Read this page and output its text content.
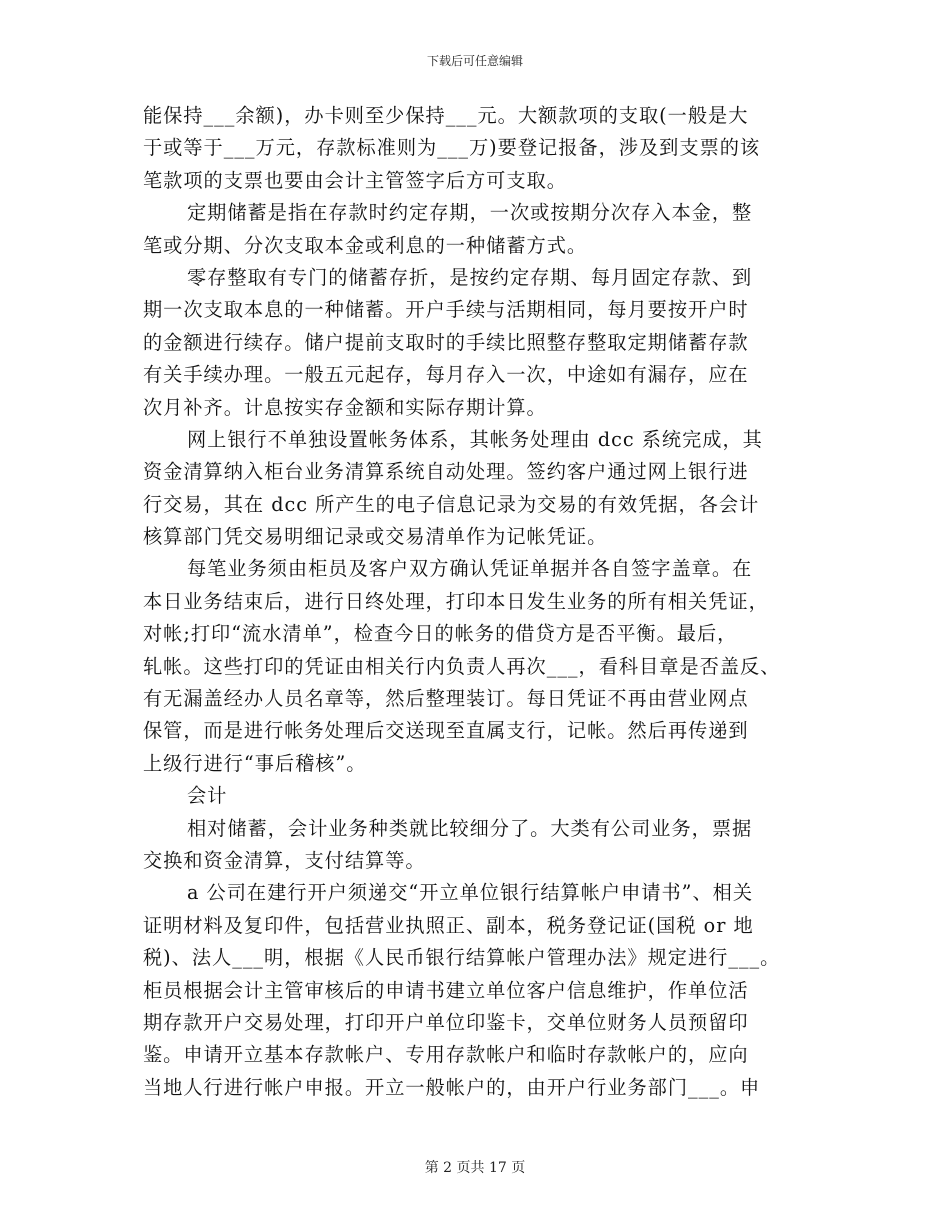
下载后可任意编辑
能保持___余额)，办卡则至少保持___元。大额款项的支取(一般是大
于或等于___万元，存款标准则为___万)要登记报备，涉及到支票的该
笔款项的支票也要由会计主管签字后方可支取。
定期储蓄是指在存款时约定存期，一次或按期分次存入本金，整
笔或分期、分次支取本金或利息的一种储蓄方式。
零存整取有专门的储蓄存折，是按约定存期、每月固定存款、到
期一次支取本息的一种储蓄。开户手续与活期相同，每月要按开户时
的金额进行续存。储户提前支取时的手续比照整存整取定期储蓄存款
有关手续办理。一般五元起存，每月存入一次，中途如有漏存，应在
次月补齐。计息按实存金额和实际存期计算。
网上银行不单独设置帐务体系，其帐务处理由 dcc 系统完成，其
资金清算纳入柜台业务清算系统自动处理。签约客户通过网上银行进
行交易，其在 dcc 所产生的电子信息记录为交易的有效凭据，各会计
核算部门凭交易明细记录或交易清单作为记帐凭证。
每笔业务须由柜员及客户双方确认凭证单据并各自签字盖章。在
本日业务结束后，进行日终处理，打印本日发生业务的所有相关凭证，
对帐;打印“流水清单”，检查今日的帐务的借贷方是否平衡。最后，
轧帐。这些打印的凭证由相关行内负责人再次___，看科目章是否盖反、
有无漏盖经办人员名章等，然后整理装订。每日凭证不再由营业网点
保管，而是进行帐务处理后交送现至直属支行，记帐。然后再传递到
上级行进行“事后稽核”。
会计
相对储蓄，会计业务种类就比较细分了。大类有公司业务，票据
交换和资金清算，支付结算等。
a 公司在建行开户须递交“开立单位银行结算帐户申请书”、相关
证明材料及复印件，包括营业执照正、副本，税务登记证(国税 or 地
税)、法人___明，根据《人民币银行结算帐户管理办法》规定进行___。
柜员根据会计主管审核后的申请书建立单位客户信息维护，作单位活
期存款开户交易处理，打印开户单位印鉴卡，交单位财务人员预留印
鉴。申请开立基本存款帐户、专用存款帐户和临时存款帐户的，应向
当地人行进行帐户申报。开立一般帐户的，由开户行业务部门___。申
第 2 页共 17 页
